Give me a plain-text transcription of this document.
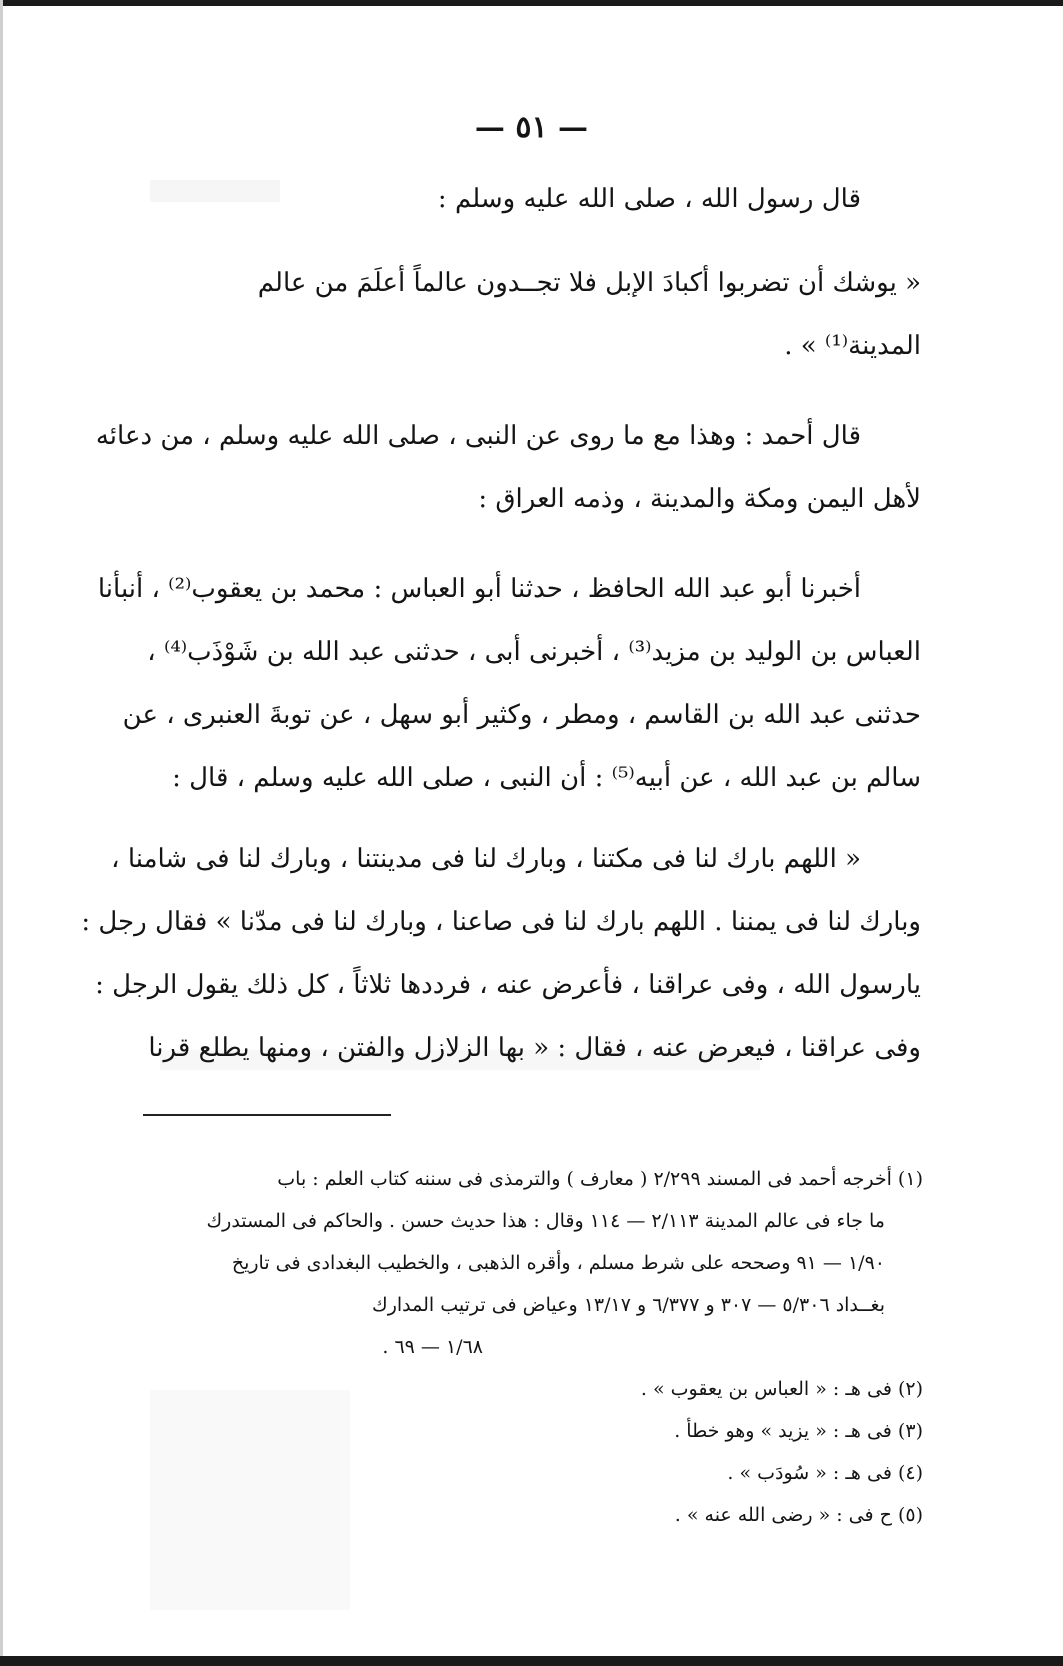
— ٥١ —
قال رسول الله ، صلى الله عليه وسلم :
« يوشك أن تضربوا أكبادَ الإبل فلا تجــدون عالماً أعلَمَ من عالم
المدينة⁽¹⁾ » .
قال أحمد : وهذا مع ما روى عن النبى ، صلى الله عليه وسلم ، من دعائه
لأهل اليمن ومكة والمدينة ، وذمه العراق :
أخبرنا أبو عبد الله الحافظ ، حدثنا أبو العباس : محمد بن يعقوب⁽²⁾ ، أنبأنا
العباس بن الوليد بن مزيد⁽³⁾ ، أخبرنى أبى ، حدثنى عبد الله بن شَوْذَب⁽⁴⁾ ،
حدثنى عبد الله بن القاسم ، ومطر ، وكثير أبو سهل ، عن توبةَ العنبرى ، عن
سالم بن عبد الله ، عن أبيه⁽⁵⁾ : أن النبى ، صلى الله عليه وسلم ، قال :
« اللهم بارك لنا فى مكتنا ، وبارك لنا فى مدينتنا ، وبارك لنا فى شامنا ،
وبارك لنا فى يمننا . اللهم بارك لنا فى صاعنا ، وبارك لنا فى مدّنا » فقال رجل :
يارسول الله ، وفى عراقنا ، فأعرض عنه ، فرددها ثلاثاً ، كل ذلك يقول الرجل :
وفى عراقنا ، فيعرض عنه ، فقال : « بها الزلازل والفتن ، ومنها يطلع قرنا
(١) أخرجه أحمد فى المسند ٢/٢٩٩ ( معارف ) والترمذى فى سننه كتاب العلم : باب
ما جاء فى عالم المدينة ٢/١١٣ — ١١٤ وقال : هذا حديث حسن . والحاكم فى المستدرك
١/٩٠ — ٩١ وصححه على شرط مسلم ، وأقره الذهبى ، والخطيب البغدادى فى تاريخ
بغــداد ٥/٣٠٦ — ٣٠٧ و ٦/٣٧٧ و ١٣/١٧ وعياض فى ترتيب المدارك
١/٦٨ — ٦٩ .
(٢) فى هـ : « العباس بن يعقوب » .
(٣) فى هـ : « يزيد » وهو خطأ .
(٤) فى هـ : « سُودَب » .
(٥) ح فى : « رضى الله عنه » .
